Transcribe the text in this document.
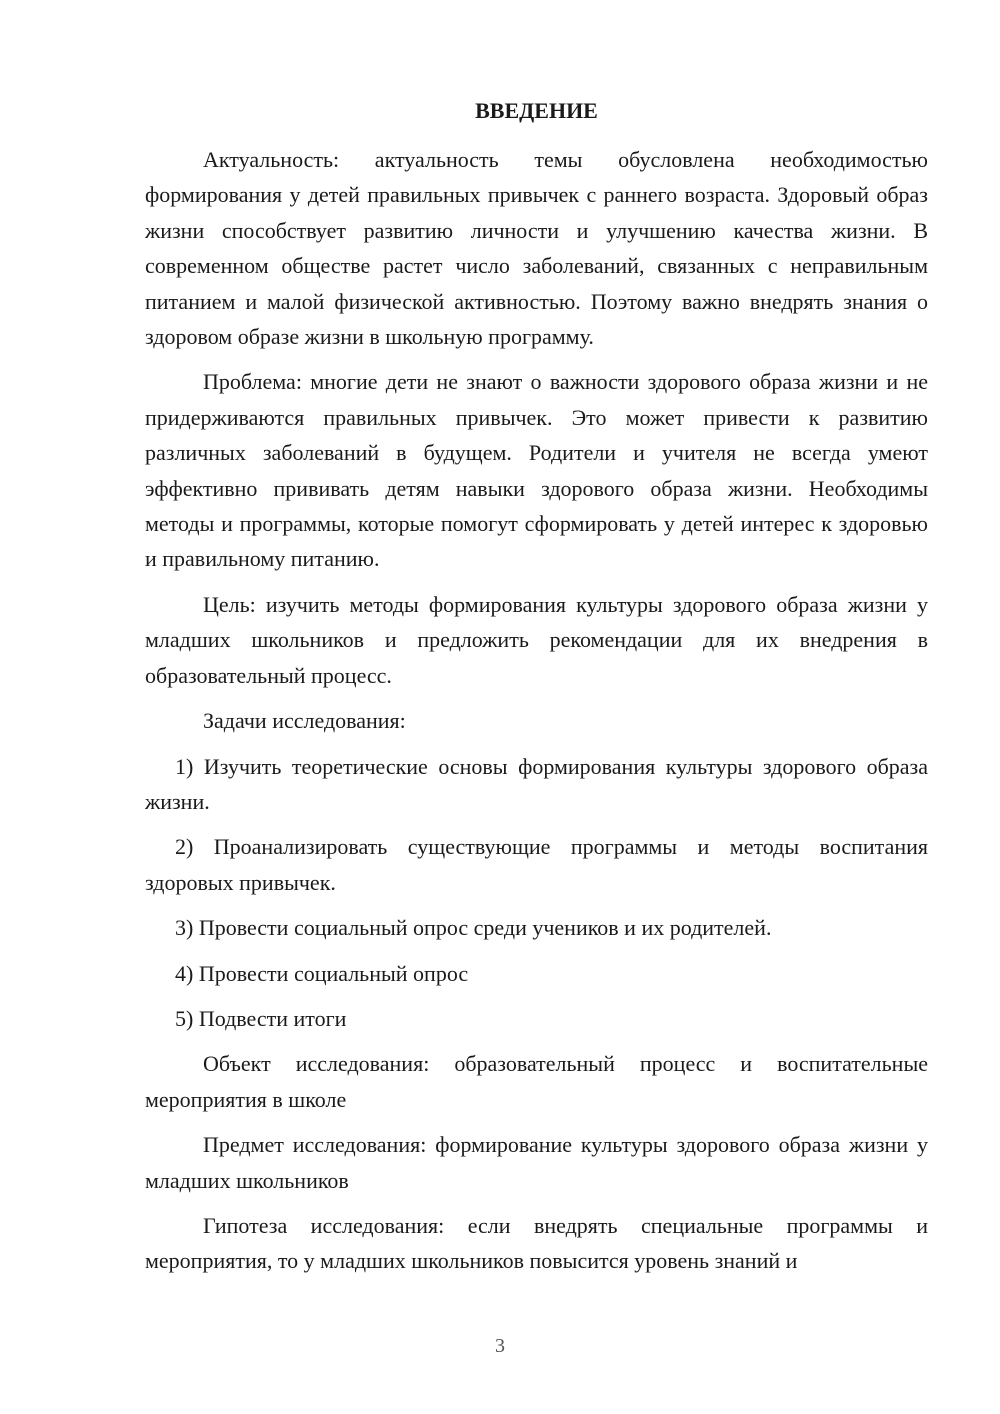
ВВЕДЕНИЕ

Актуальность: актуальность темы обусловлена необходимостью формирования у детей правильных привычек с раннего возраста. Здоровый образ жизни способствует развитию личности и улучшению качества жизни. В современном обществе растет число заболеваний, связанных с неправильным питанием и малой физической активностью. Поэтому важно внедрять знания о здоровом образе жизни в школьную программу.

Проблема: многие дети не знают о важности здорового образа жизни и не придерживаются правильных привычек. Это может привести к развитию различных заболеваний в будущем. Родители и учителя не всегда умеют эффективно прививать детям навыки здорового образа жизни. Необходимы методы и программы, которые помогут сформировать у детей интерес к здоровью и правильному питанию.

Цель: изучить методы формирования культуры здорового образа жизни у младших школьников и предложить рекомендации для их внедрения в образовательный процесс.

Задачи исследования:

1) Изучить теоретические основы формирования культуры здорового образа жизни.

2) Проанализировать существующие программы и методы воспитания здоровых привычек.

3) Провести социальный опрос среди учеников и их родителей.

4) Провести социальный опрос

5) Подвести итоги

Объект исследования: образовательный процесс и воспитательные мероприятия в школе

Предмет исследования: формирование культуры здорового образа жизни у младших школьников

Гипотеза исследования: если внедрять специальные программы и мероприятия, то у младших школьников повысится уровень знаний и

3
